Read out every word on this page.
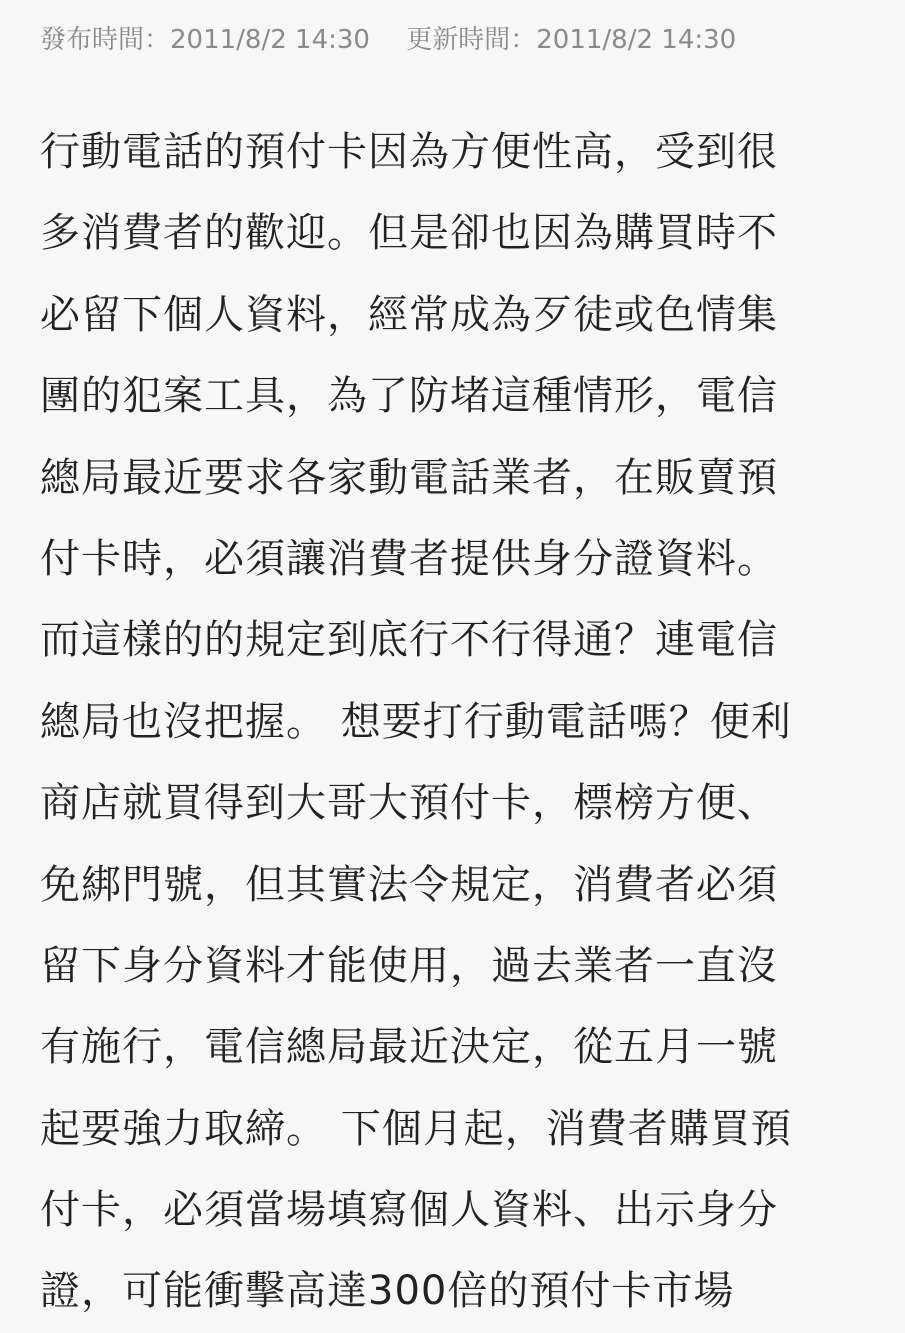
發布時間：2011/8/2 14:30 更新時間：2011/8/2 14:30
行動電話的預付卡因為方便性高，受到很
多消費者的歡迎。但是卻也因為購買時不
必留下個人資料，經常成為歹徒或色情集
團的犯案工具，為了防堵這種情形，電信
總局最近要求各家動電話業者，在販賣預
付卡時，必須讓消費者提供身分證資料。
而這樣的的規定到底行不行得通？連電信
總局也沒把握。 想要打行動電話嗎？便利
商店就買得到大哥大預付卡，標榜方便、
免綁門號，但其實法令規定，消費者必須
留下身分資料才能使用，過去業者一直沒
有施行，電信總局最近決定，從五月一號
起要強力取締。 下個月起，消費者購買預
付卡，必須當場填寫個人資料、出示身分
證，可能衝擊高達300倍的預付卡市場
